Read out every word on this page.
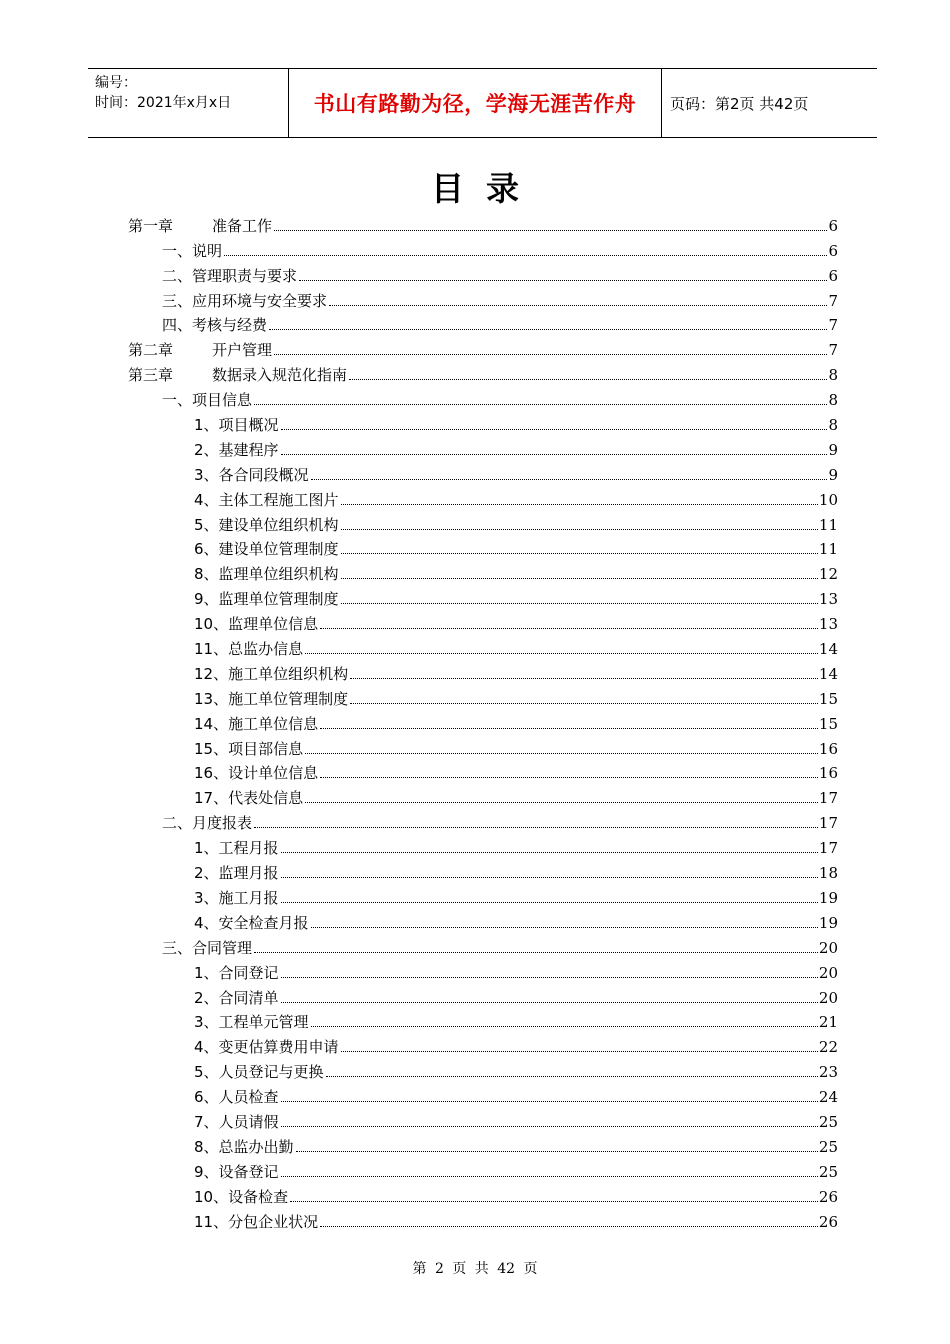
编号：
时间：2021年x月x日	书山有路勤为径，学海无涯苦作舟 页码：第2页 共42页
目录
第一章	准备工作	6
一、说明	6
二、管理职责与要求	6
三、应用环境与安全要求	7
四、考核与经费	7
第二章	开户管理	7
第三章	数据录入规范化指南	8
一、项目信息	8
1、项目概况	8
2、基建程序	9
3、各合同段概况	9
4、主体工程施工图片	10
5、建设单位组织机构	11
6、建设单位管理制度	11
8、监理单位组织机构	12
9、监理单位管理制度	13
10、监理单位信息	13
11、总监办信息	14
12、施工单位组织机构	14
13、施工单位管理制度	15
14、施工单位信息	15
15、项目部信息	16
16、设计单位信息	16
17、代表处信息	17
二、月度报表	17
1、工程月报	17
2、监理月报	18
3、施工月报	19
4、安全检查月报	19
三、合同管理	20
1、合同登记	20
2、合同清单	20
3、工程单元管理	21
4、变更估算费用申请	22
5、人员登记与更换	23
6、人员检查	24
7、人员请假	25
8、总监办出勤	25
9、设备登记	25
10、设备检查	26
11、分包企业状况	26
第 2 页 共 42 页
